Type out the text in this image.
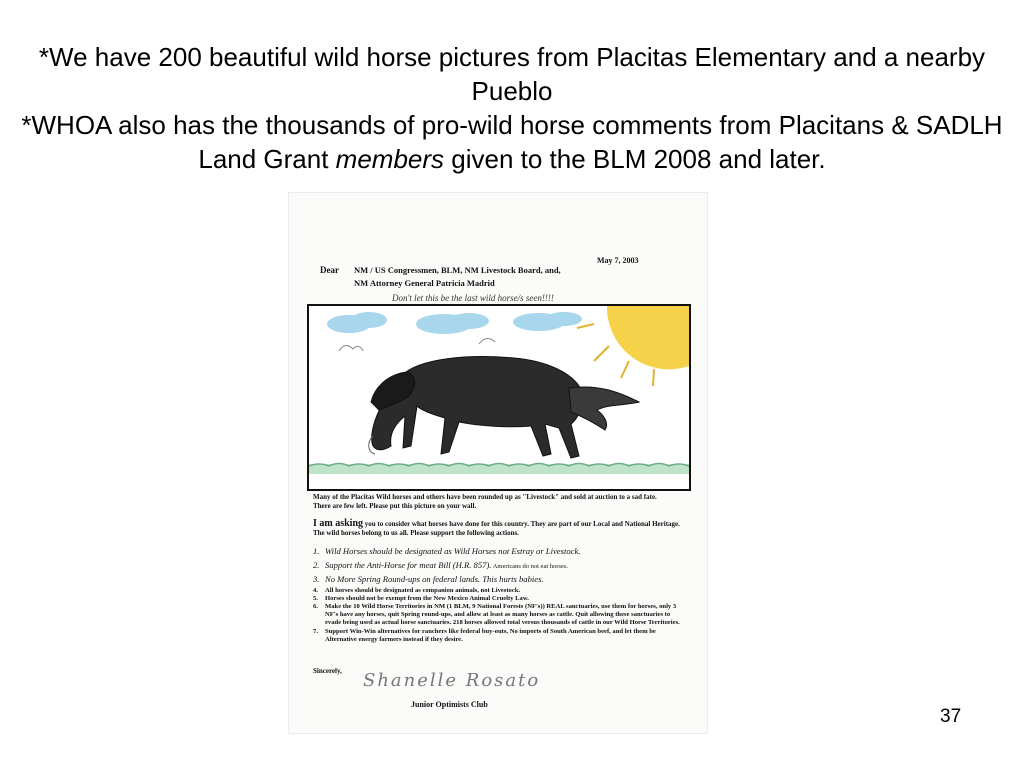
*We have 200 beautiful wild horse pictures from Placitas Elementary and a nearby Pueblo

*WHOA also has the thousands of pro-wild horse comments from Placitans & SADLH Land Grant members given to the BLM 2008 and later.

May 7, 2003
Dear NM / US Congressmen, BLM, NM Livestock Board, and,
NM Attorney General Patricia Madrid
Don't let this be the last wild horse/s seen!!!!
Many of the Placitas Wild horses and others have been rounded up as "Livestock" and sold at auction to a sad fate. There are few left. Please put this picture on your wall.
I am asking you to consider what horses have done for this country. They are part of our Local and National Heritage. The wild horses belong to us all. Please support the following actions.
1. Wild Horses should be designated as Wild Horses not Estray or Livestock.
2. Support the Anti-Horse for meat Bill (H.R. 857). Americans do not eat horses.
3. No More Spring Round-ups on federal lands. This hurts babies.
4.	All horses should be designated as companion animals, not Livestock.
5.	Horses should not be exempt from the New Mexico Animal Cruelty Law.
6.	Make the 10 Wild Horse Territories in NM (1 BLM, 9 National Forests (NF's)) REAL sanctuaries, use them for horses, only 3 NF's have any horses, quit Spring round-ups, and allow at least as many horses as cattle. Quit allowing these sanctuaries to evade being used as actual horse sanctuaries. 218 horses allowed total versus thousands of cattle in our Wild Horse Territories.
7.	Support Win-Win alternatives for ranchers like federal buy-outs, No imports of South American beef, and let them be Alternative energy farmers instead if they desire.
Sincerely, Shanelle Rosato
Junior Optimists Club
37
